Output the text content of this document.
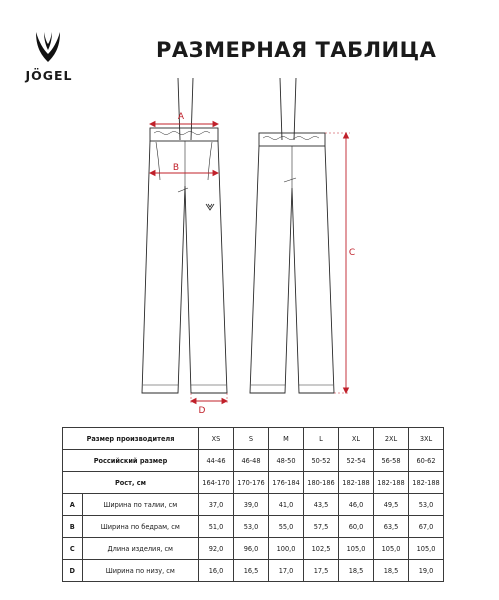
JÖGEL
РАЗМЕРНАЯ ТАБЛИЦА
A
B
C
D
Размер производителя		XS	S	M	L	XL	2XL	3XL
Российский размер		44-46	46-48	48-50	50-52	52-54	56-58	60-62
Рост, см		164-170	170-176	176-184	180-186	182-188	182-188	182-188
A	Ширина по талии, см	37,0	39,0	41,0	43,5	46,0	49,5	53,0
B	Ширина по бедрам, см	51,0	53,0	55,0	57,5	60,0	63,5	67,0
C	Длина изделия, см	92,0	96,0	100,0	102,5	105,0	105,0	105,0
D	Ширина по низу, см	16,0	16,5	17,0	17,5	18,5	18,5	19,0
